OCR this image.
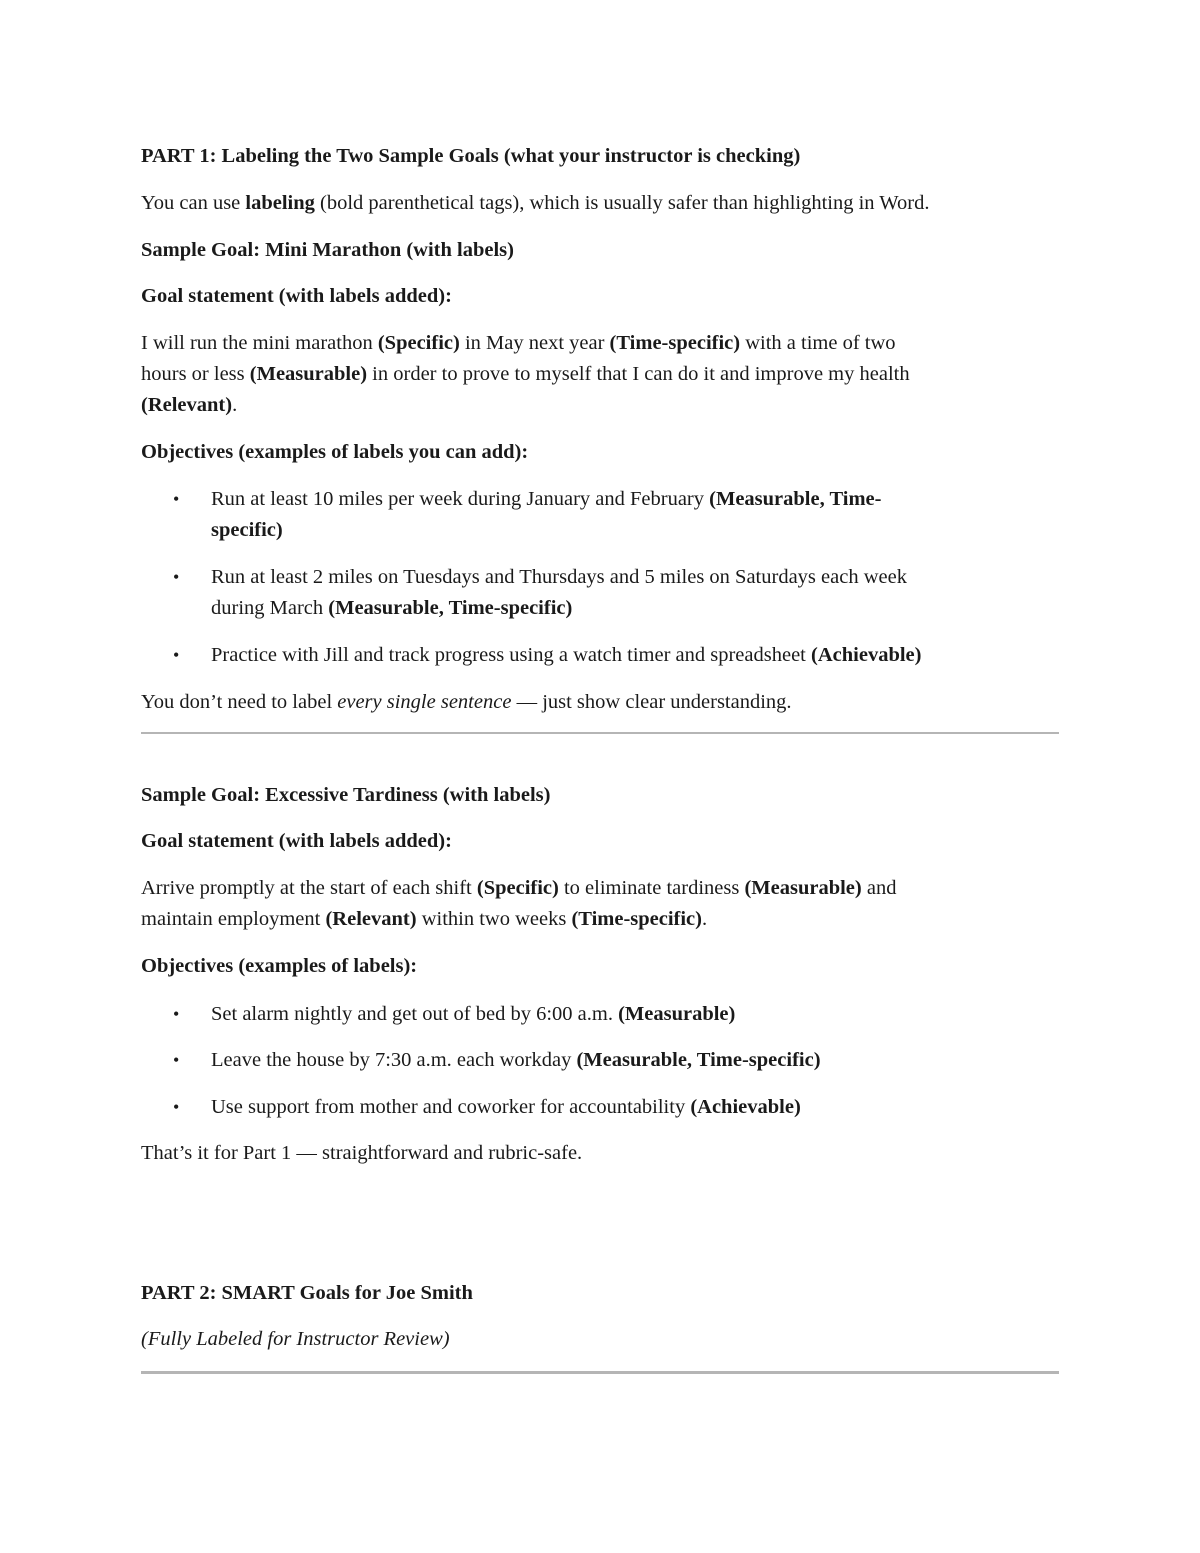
PART 1: Labeling the Two Sample Goals (what your instructor is checking)
You can use labeling (bold parenthetical tags), which is usually safer than highlighting in Word.
Sample Goal: Mini Marathon (with labels)
Goal statement (with labels added):
I will run the mini marathon (Specific) in May next year (Time-specific) with a time of two
hours or less (Measurable) in order to prove to myself that I can do it and improve my health
(Relevant).
Objectives (examples of labels you can add):
• Run at least 10 miles per week during January and February (Measurable, Time-
specific)
• Run at least 2 miles on Tuesdays and Thursdays and 5 miles on Saturdays each week
during March (Measurable, Time-specific)
• Practice with Jill and track progress using a watch timer and spreadsheet (Achievable)
You don’t need to label every single sentence — just show clear understanding.
Sample Goal: Excessive Tardiness (with labels)
Goal statement (with labels added):
Arrive promptly at the start of each shift (Specific) to eliminate tardiness (Measurable) and
maintain employment (Relevant) within two weeks (Time-specific).
Objectives (examples of labels):
• Set alarm nightly and get out of bed by 6:00 a.m. (Measurable)
• Leave the house by 7:30 a.m. each workday (Measurable, Time-specific)
• Use support from mother and coworker for accountability (Achievable)
That’s it for Part 1 — straightforward and rubric-safe.
PART 2: SMART Goals for Joe Smith
(Fully Labeled for Instructor Review)
